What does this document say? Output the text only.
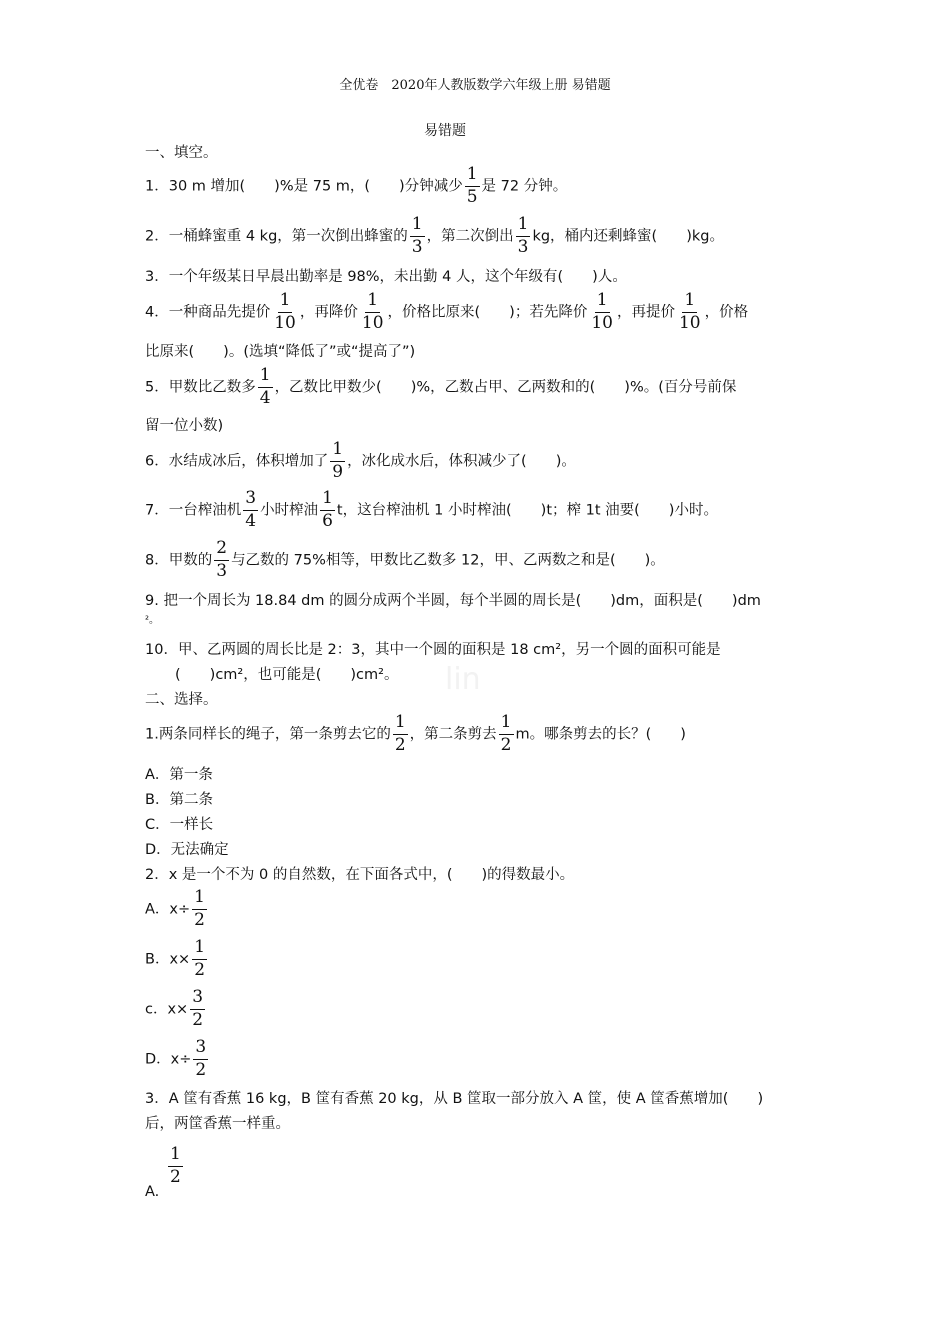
全优卷　2020年人教版数学六年级上册 易错题
易错题
lin
一、填空。
1．30 m 增加(　　)%是 75 m，(　　)分钟减少 $\frac{1}{5}$ 是 72 分钟。
2．一桶蜂蜜重 4 kg，第一次倒出蜂蜜的 $\frac{1}{3}$ ，第二次倒出 $\frac{1}{3}$ kg，桶内还剩蜂蜜(　　)kg。
3．一个年级某日早晨出勤率是 98%，未出勤 4 人，这个年级有(　　)人。
4．一种商品先提价 $\frac{1}{10}$ ，再降价 $\frac{1}{10}$ ，价格比原来(　　)；若先降价 $\frac{1}{10}$ ，再提价 $\frac{1}{10}$ ，价格
比原来(　　)。(选填“降低了”或“提高了”)
5．甲数比乙数多 $\frac{1}{4}$ ，乙数比甲数少(　　)%，乙数占甲、乙两数和的(　　)%。(百分号前保
留一位小数)
6．水结成冰后，体积增加了 $\frac{1}{9}$ ，冰化成水后，体积减少了(　　)。
7．一台榨油机 $\frac{3}{4}$ 小时榨油 $\frac{1}{6}$ t，这台榨油机 1 小时榨油(　　)t；榨 1t 油要(　　)小时。
8．甲数的 $\frac{2}{3}$ 与乙数的 75%相等，甲数比乙数多 12，甲、乙两数之和是(　　)。
9. 把一个周长为 18.84 dm 的圆分成两个半圆，每个半圆的周长是(　　)dm，面积是(　　)dm
²。
10．甲、乙两圆的周长比是 2：3，其中一个圆的面积是 18 cm²，另一个圆的面积可能是
(　　)cm²，也可能是(　　)cm²。
二、选择。
1.两条同样长的绳子，第一条剪去它的 $\frac{1}{2}$ ，第二条剪去 $\frac{1}{2}$ m。哪条剪去的长？(　　)
A．第一条
B．第二条
C．一样长
D．无法确定
2．x 是一个不为 0 的自然数，在下面各式中，(　　)的得数最小。
A．$x\div \frac{1}{2}$
B．$x\times \frac{1}{2}$
c．$x\times \frac{3}{2}$
D．$x\div \frac{3}{2}$
3．A 筐有香蕉 16 kg，B 筐有香蕉 20 kg，从 B 筐取一部分放入 A 筐，使 A 筐香蕉增加(　　)
后，两筐香蕉一样重。
A.
$\frac{1}{2}$
